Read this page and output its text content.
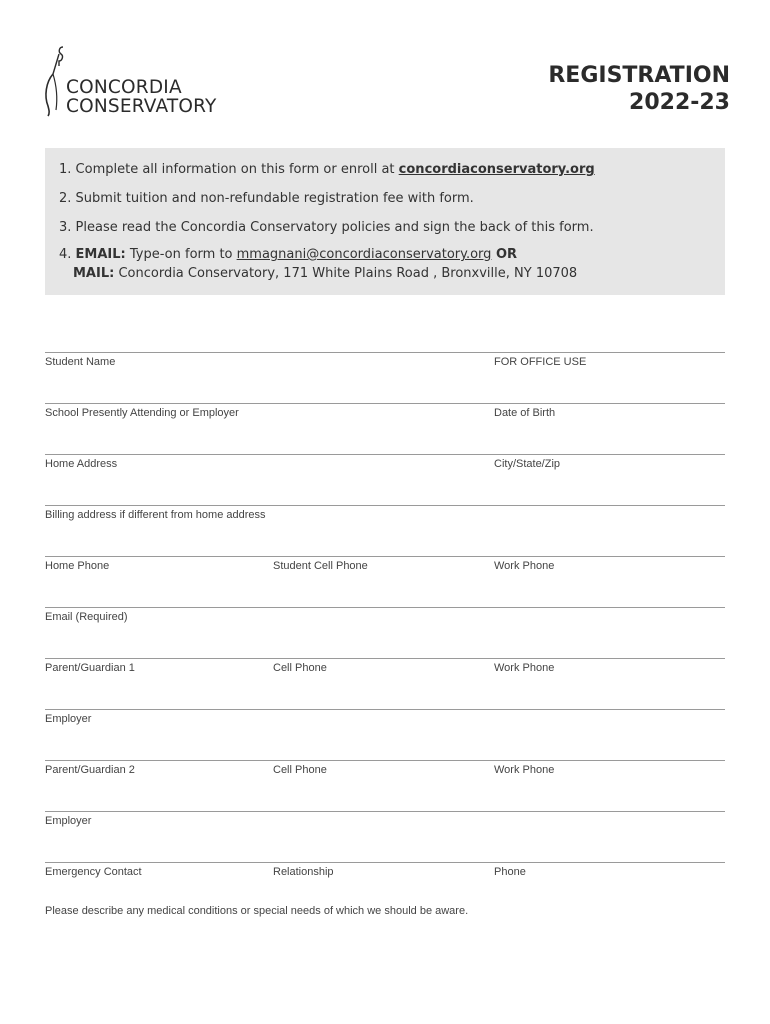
CONCORDIA
CONSERVATORY
REGISTRATION
2022-23
1. Complete all information on this form or enroll at concordiaconservatory.org
2. Submit tuition and non-refundable registration fee with form.
3. Please read the Concordia Conservatory policies and sign the back of this form.
4. EMAIL: Type-on form to mmagnani@concordiaconservatory.org OR
MAIL: Concordia Conservatory, 171 White Plains Road , Bronxville, NY 10708
Student Name	FOR OFFICE USE
School Presently Attending or Employer	Date of Birth
Home Address	City/State/Zip
Billing address if different from home address
Home Phone	Student Cell Phone	Work Phone
Email (Required)
Parent/Guardian 1	Cell Phone	Work Phone
Employer
Parent/Guardian 2	Cell Phone	Work Phone
Employer
Emergency Contact	Relationship	Phone
Please describe any medical conditions or special needs of which we should be aware.
